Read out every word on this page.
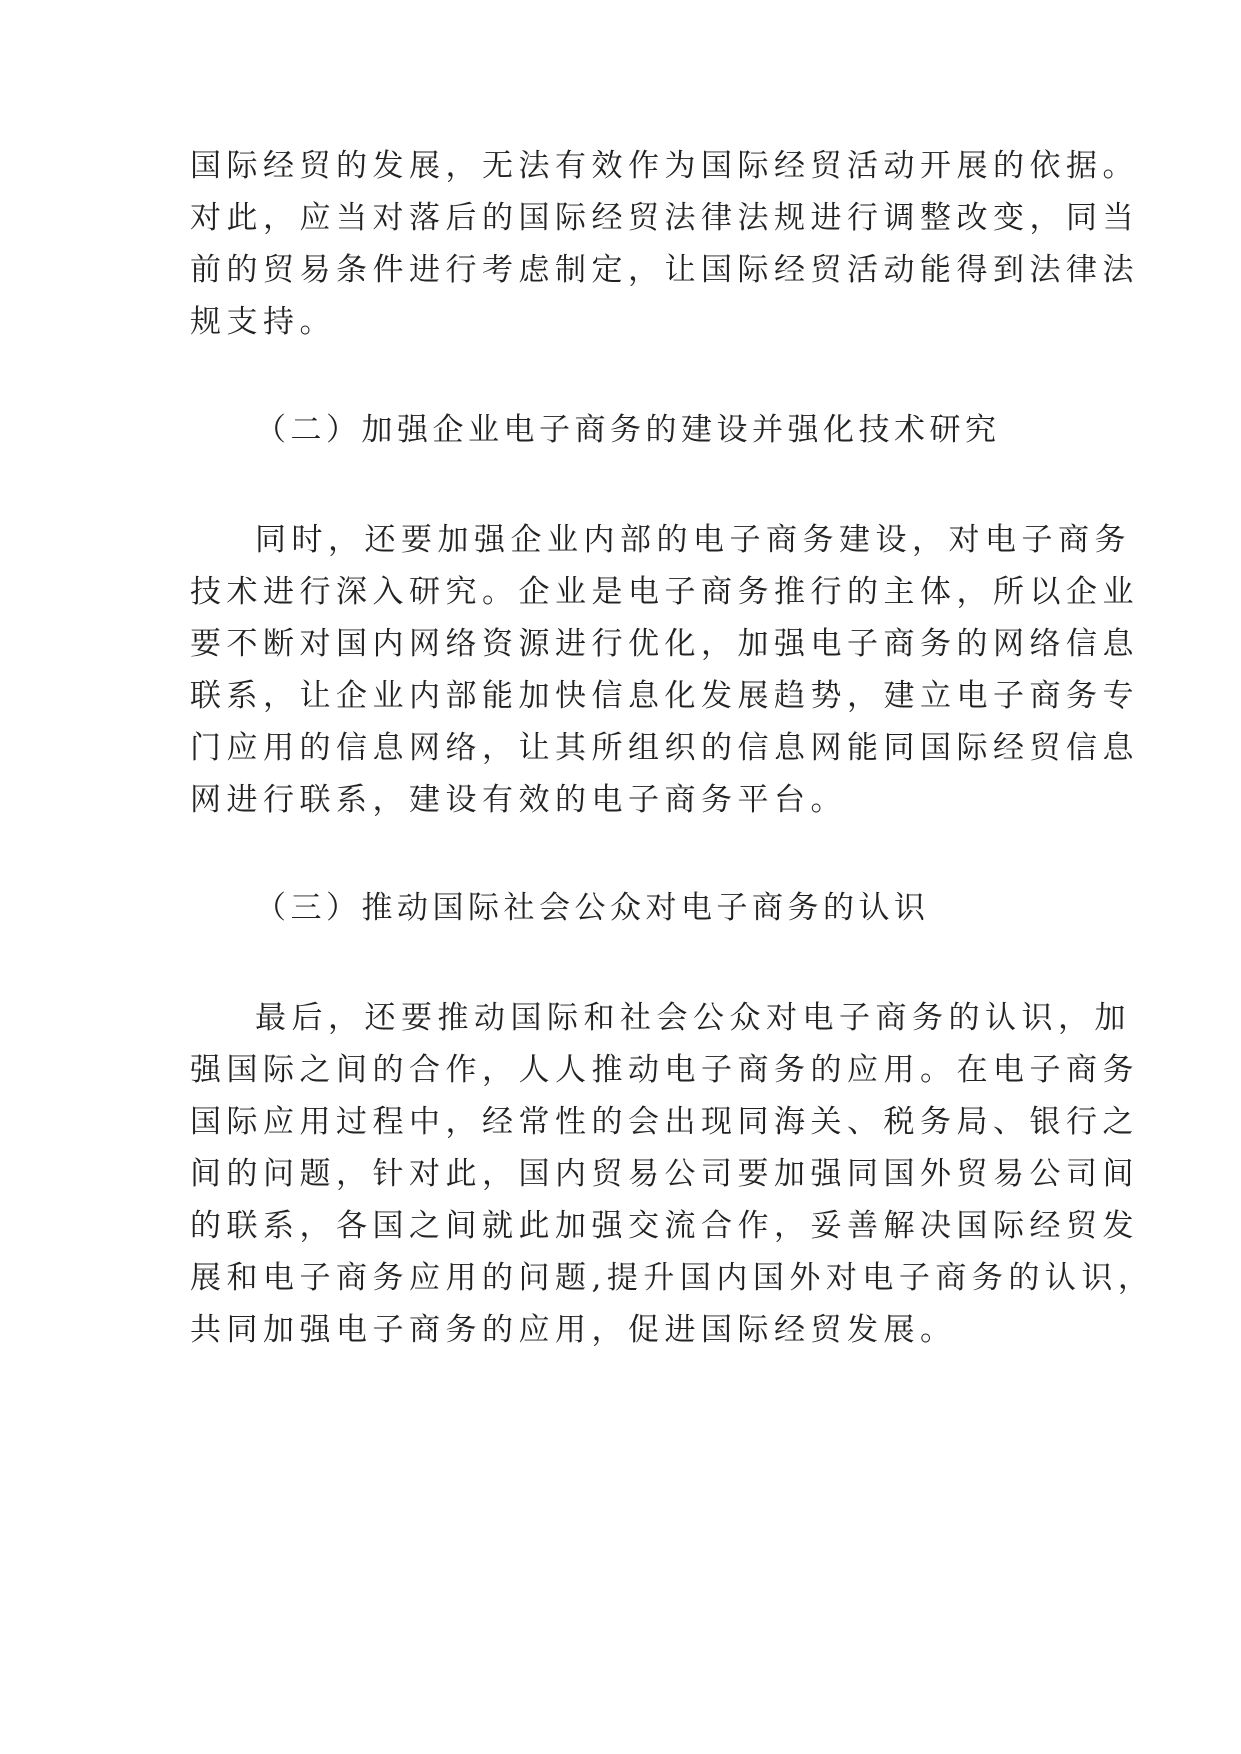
国际经贸的发展，无法有效作为国际经贸活动开展的依据。

对此，应当对落后的国际经贸法律法规进行调整改变，同当

前的贸易条件进行考虑制定，让国际经贸活动能得到法律法

规支持。

（二）加强企业电子商务的建设并强化技术研究

同时，还要加强企业内部的电子商务建设，对电子商务

技术进行深入研究。企业是电子商务推行的主体，所以企业

要不断对国内网络资源进行优化，加强电子商务的网络信息

联系，让企业内部能加快信息化发展趋势，建立电子商务专

门应用的信息网络，让其所组织的信息网能同国际经贸信息

网进行联系，建设有效的电子商务平台。

（三）推动国际社会公众对电子商务的认识

最后，还要推动国际和社会公众对电子商务的认识，加

强国际之间的合作，人人推动电子商务的应用。在电子商务

国际应用过程中，经常性的会出现同海关、税务局、银行之

间的问题，针对此，国内贸易公司要加强同国外贸易公司间

的联系，各国之间就此加强交流合作，妥善解决国际经贸发

展和电子商务应用的问题,提升国内国外对电子商务的认识，

共同加强电子商务的应用，促进国际经贸发展。
